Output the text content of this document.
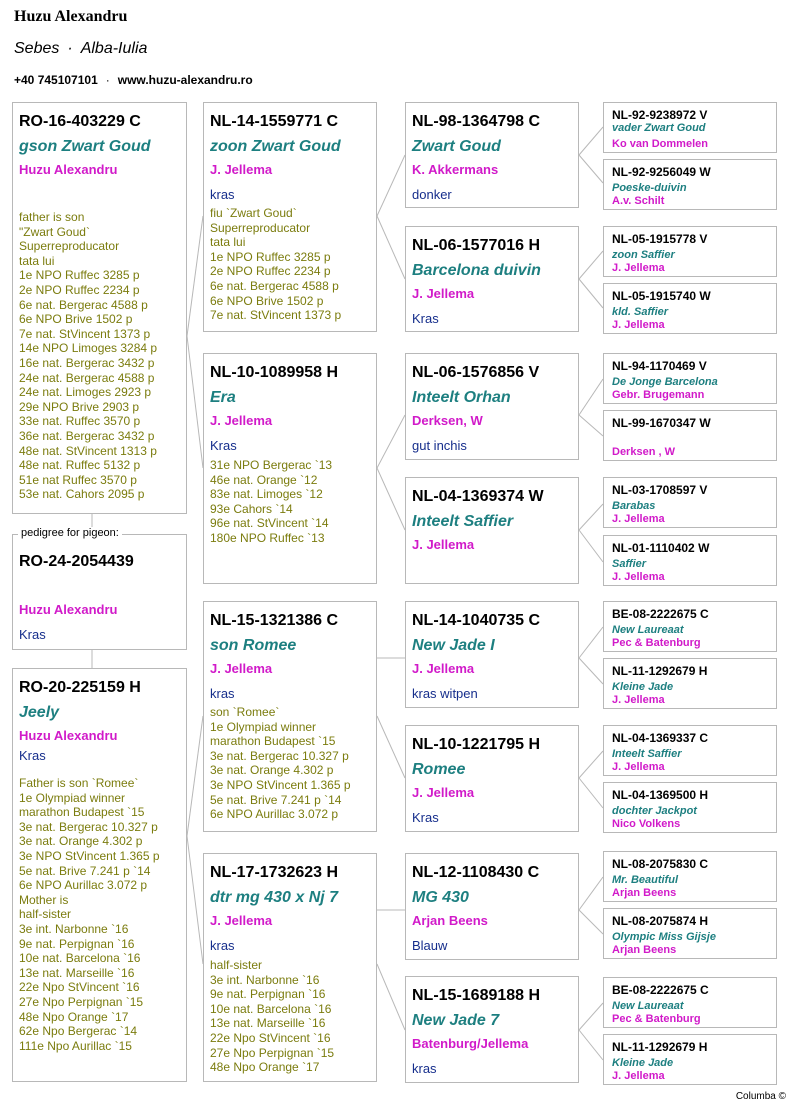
Huzu Alexandru
Sebes · Alba-Iulia
+40 745107101 · www.huzu-alexandru.ro
RO-16-403229 C
gson Zwart Goud
Huzu Alexandru
father is son
"Zwart Goud`
Superreproducator
tata lui
1e NPO Ruffec 3285 p
2e NPO Ruffec 2234 p
6e nat. Bergerac 4588 p
6e NPO Brive 1502 p
7e nat. StVincent 1373 p
14e NPO Limoges 3284 p
16e nat. Bergerac 3432 p
24e nat. Bergerac 4588 p
24e nat. Limoges 2923 p
29e NPO Brive 2903 p
33e nat. Ruffec 3570 p
36e nat. Bergerac 3432 p
48e nat. StVincent 1313 p
48e nat. Ruffec 5132 p
51e nat Ruffec 3570 p
53e nat. Cahors 2095 p
RO-24-2054439
Huzu Alexandru
Kras
pedigree for pigeon:
RO-20-225159 H
Jeely
Huzu Alexandru
Kras
Father is son `Romee`
1e Olympiad winner
marathon Budapest `15
3e nat. Bergerac 10.327 p
3e nat. Orange 4.302 p
3e NPO StVincent 1.365 p
5e nat. Brive 7.241 p `14
6e NPO Aurillac 3.072 p
Mother is
half-sister
3e int. Narbonne `16
9e nat. Perpignan `16
10e nat. Barcelona `16
13e nat. Marseille `16
22e Npo StVincent `16
27e Npo Perpignan `15
48e Npo Orange `17
62e Npo Bergerac `14
111e Npo Aurillac `15
NL-14-1559771 C
zoon Zwart Goud
J. Jellema
kras
fiu `Zwart Goud`
Superreproducator
tata lui
1e NPO Ruffec 3285 p
2e NPO Ruffec 2234 p
6e nat. Bergerac 4588 p
6e NPO Brive 1502 p
7e nat. StVincent 1373 p
NL-10-1089958 H
Era
J. Jellema
Kras
31e NPO Bergerac `13
46e nat. Orange `12
83e nat. Limoges `12
93e Cahors `14
96e nat. StVincent `14
180e NPO Ruffec `13
NL-15-1321386 C
son Romee
J. Jellema
kras
son `Romee`
1e Olympiad winner
marathon Budapest `15
3e nat. Bergerac 10.327 p
3e nat. Orange 4.302 p
3e NPO StVincent 1.365 p
5e nat. Brive 7.241 p `14
6e NPO Aurillac 3.072 p
NL-17-1732623 H
dtr mg 430 x Nj 7
J. Jellema
kras
half-sister
3e int. Narbonne `16
9e nat. Perpignan `16
10e nat. Barcelona `16
13e nat. Marseille `16
22e Npo StVincent `16
27e Npo Perpignan `15
48e Npo Orange `17
NL-98-1364798 C
Zwart Goud
K. Akkermans
donker
NL-06-1577016 H
Barcelona duivin
J. Jellema
Kras
NL-06-1576856 V
Inteelt Orhan
Derksen, W
gut inchis
NL-04-1369374 W
Inteelt Saffier
J. Jellema
NL-14-1040735 C
New Jade I
J. Jellema
kras witpen
NL-10-1221795 H
Romee
J. Jellema
Kras
NL-12-1108430 C
MG 430
Arjan Beens
Blauw
NL-15-1689188 H
New Jade 7
Batenburg/Jellema
kras
NL-92-9238972 V
vader Zwart Goud
Ko van Dommelen
NL-92-9256049 W
Poeske-duivin
A.v. Schilt
NL-05-1915778 V
zoon Saffier
J. Jellema
NL-05-1915740 W
kld. Saffier
J. Jellema
NL-94-1170469 V
De Jonge Barcelona
Gebr. Brugemann
NL-99-1670347 W
Derksen , W
NL-03-1708597 V
Barabas
J. Jellema
NL-01-1110402 W
Saffier
J. Jellema
BE-08-2222675 C
New Laureaat
Pec & Batenburg
NL-11-1292679 H
Kleine Jade
J. Jellema
NL-04-1369337 C
Inteelt Saffier
J. Jellema
NL-04-1369500 H
dochter Jackpot
Nico Volkens
NL-08-2075830 C
Mr. Beautiful
Arjan Beens
NL-08-2075874 H
Olympic Miss Gijsje
Arjan Beens
BE-08-2222675 C
New Laureaat
Pec & Batenburg
NL-11-1292679 H
Kleine Jade
J. Jellema
Columba ©
